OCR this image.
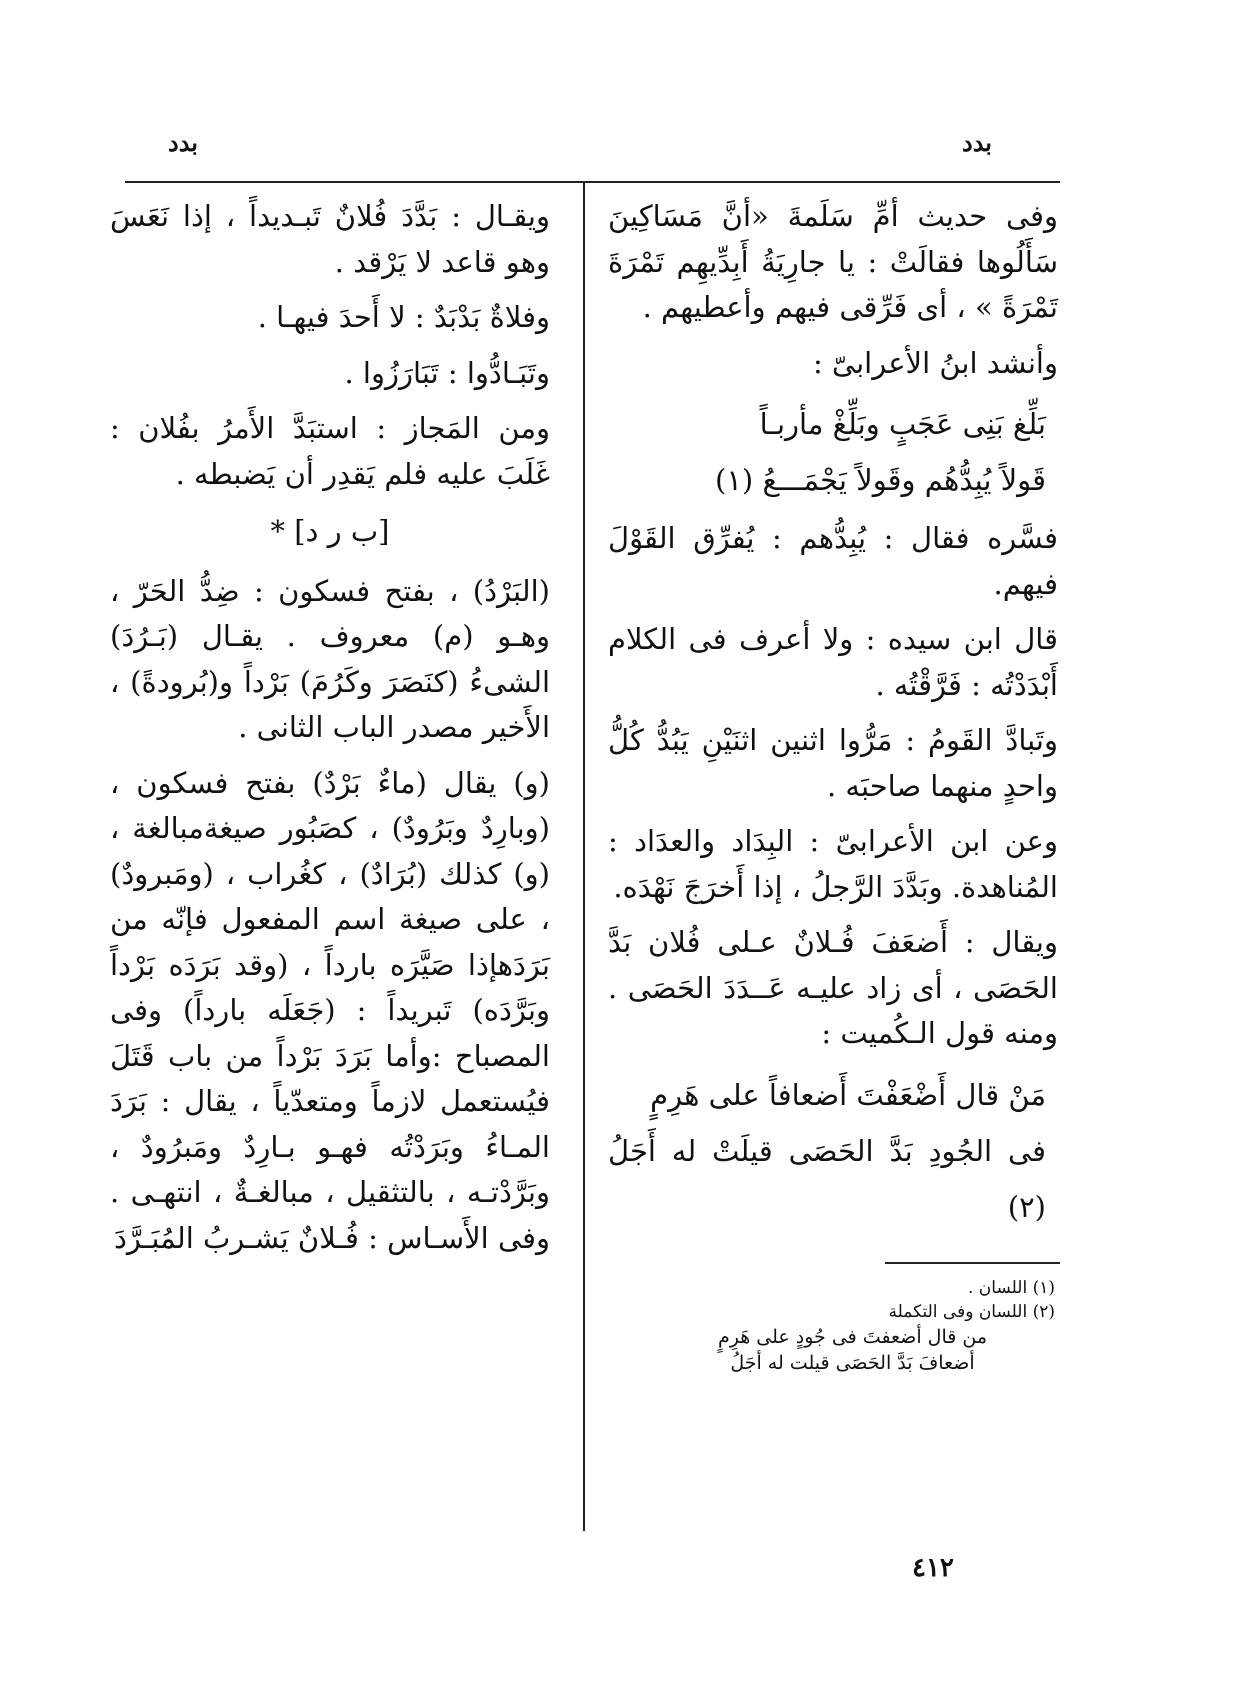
بدد	بدد

وفى حديث أمِّ سَلَمةَ «أنَّ مَسَاكِينَ سَأَلُوها فقالَتْ : يا جارِيَةُ أَبِدِّيهِم تَمْرَةَ تَمْرَةً » ، أى فَرِّقى فيهم وأعطيهم .

وأنشد ابنُ الأعرابىّ :

بَلِّغ بَنِى عَجَبٍ وبَلِّغْ مأربـاً
قَولاً يُبِدُّهُم وقَولاً يَجْمَـــعُ (١)

فسَّره فقال : يُبِدُّهم : يُفرِّق القَوْلَ فيهم.

قال ابن سيده : ولا أعرف فى الكلام أَبْدَدْتُه : فَرَّقْتُه .

وتَبادَّ القَومُ : مَرُّوا اثنين اثنَيْنِ يَبُدُّ كُلُّ واحدٍ منهما صاحبَه .

وعن ابن الأعرابىّ : البِدَاد والعدَاد : المُناهدة. وبَدَّدَ الرَّجلُ ، إذا أَخرَجَ نَهْدَه.

ويقال : أَضعَفَ فُـلانٌ عـلى فُلان بَدَّ الحَصَى ، أى زاد عليـه عَــدَدَ الحَصَى . ومنه قول الـكُميت :

مَنْ قال أَضْعَفْتَ أَضعافاً على هَرِمٍ
فى الجُودِ بَدَّ الحَصَى قيلَتْ له أَجَلُ (٢)
(١) اللسان .
(٢) اللسان وفى التكملة
من قال أضعفتَ فى جُودٍ على هَرِمٍ
أضعافَ بَدَّ الحَصَى قيلت له أجَلُ

ويقـال : بَدَّدَ فُلانٌ تَبـديداً ، إذا نَعَسَ وهو قاعد لا يَرْقد .

وفلاةٌ بَدْبَدٌ : لا أَحدَ فيهـا .

وتَبَـادُّوا : تَبَارَزُوا .

ومن المَجاز : استبَدَّ الأَمرُ بفُلان : غَلَبَ عليه فلم يَقدِر أن يَضبطه .

[ب ر د] *

(البَرْدُ) ، بفتح فسكون : ضِدُّ الحَرّ ، وهـو (م) معروف . يقـال (بَـرُدَ) الشىءُ (كنَصَرَ وكَرُمَ) بَرْداً و(بُرودةً) ، الأَخير مصدر الباب الثانى .

(و) يقال (ماءٌ بَرْدٌ) بفتح فسكون ، (وبارِدٌ وبَرُودٌ) ، كصَبُور صيغةمبالغة ، (و) كذلك (بُرَادٌ) ، كغُراب ، (ومَبرودٌ) ، على صيغة اسم المفعول فإنّه من بَرَدَهإذا صَيَّرَه بارداً ، (وقد بَرَدَه بَرْداً وبَرَّدَه) تَبريداً : (جَعَلَه بارداً) وفى المصباح :وأما بَرَدَ بَرْداً من باب قَتَلَ فيُستعمل لازماً ومتعدّياً ، يقال : بَرَدَ المـاءُ وبَرَدْتُه فهـو بـارِدٌ ومَبرُودٌ ، وبَرَّدْتـه ، بالتثقيل ، مبالغـةٌ ، انتهـى . وفى الأَسـاس : فُـلانٌ يَشـربُ المُبَـرَّدَ

٤١٢
